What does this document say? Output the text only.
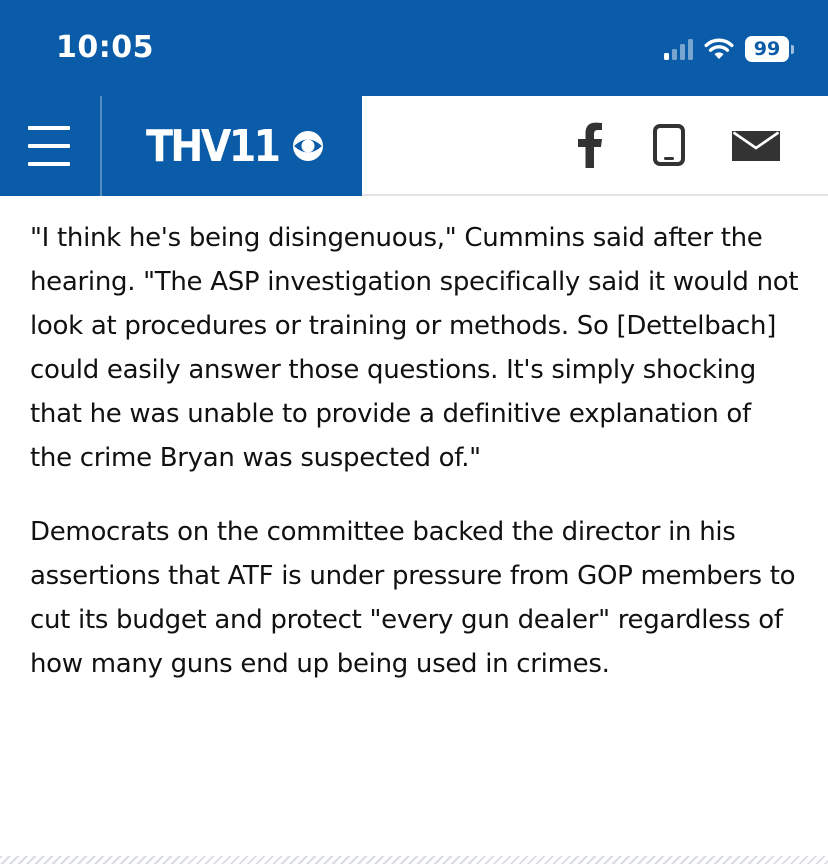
10:05	99
THV11

"I think he's being disingenuous," Cummins said after the hearing. "The ASP investigation specifically said it would not look at procedures or training or methods. So [Dettelbach] could easily answer those questions. It's simply shocking that he was unable to provide a definitive explanation of the crime Bryan was suspected of."

Democrats on the committee backed the director in his assertions that ATF is under pressure from GOP members to cut its budget and protect "every gun dealer" regardless of how many guns end up being used in crimes.
